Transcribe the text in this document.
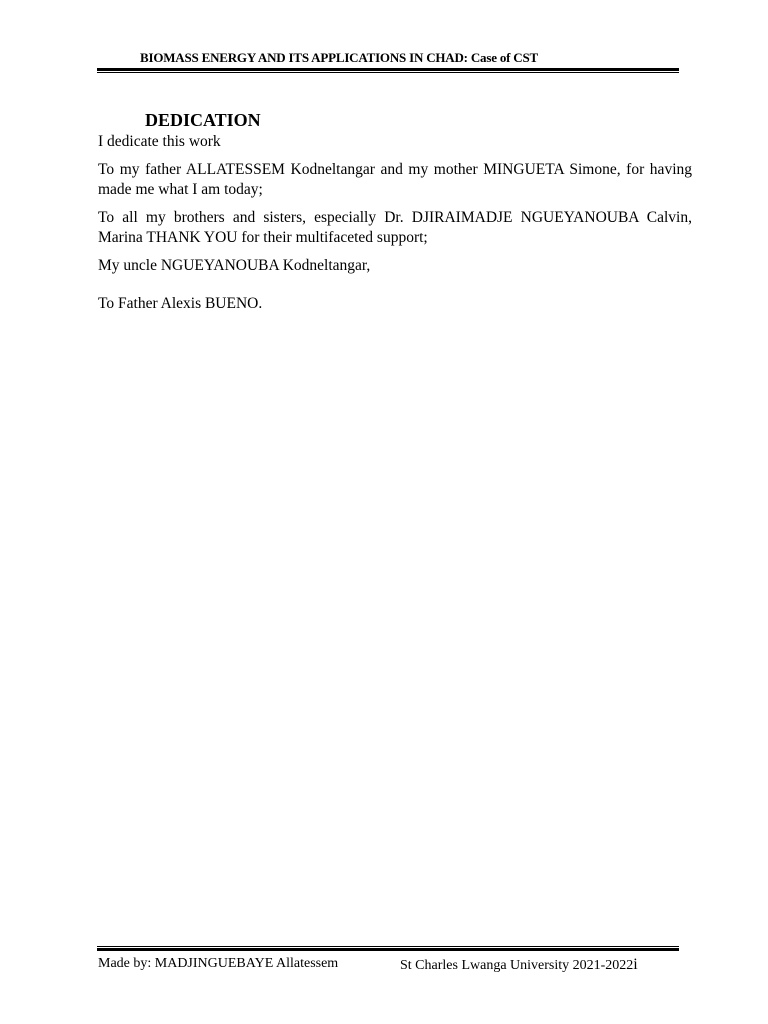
BIOMASS ENERGY AND ITS APPLICATIONS IN CHAD: Case of CST
DEDICATION

I dedicate this work

To my father ALLATESSEM Kodneltangar and my mother MINGUETA Simone, for having made me what I am today;

To all my brothers and sisters, especially Dr. DJIRAIMADJE NGUEYANOUBA Calvin, Marina THANK YOU for their multifaceted support;

My uncle NGUEYANOUBA Kodneltangar,

To Father Alexis BUENO.

Made by: MADJINGUEBAYE Allatessem	St Charles Lwanga University 2021-2022i
